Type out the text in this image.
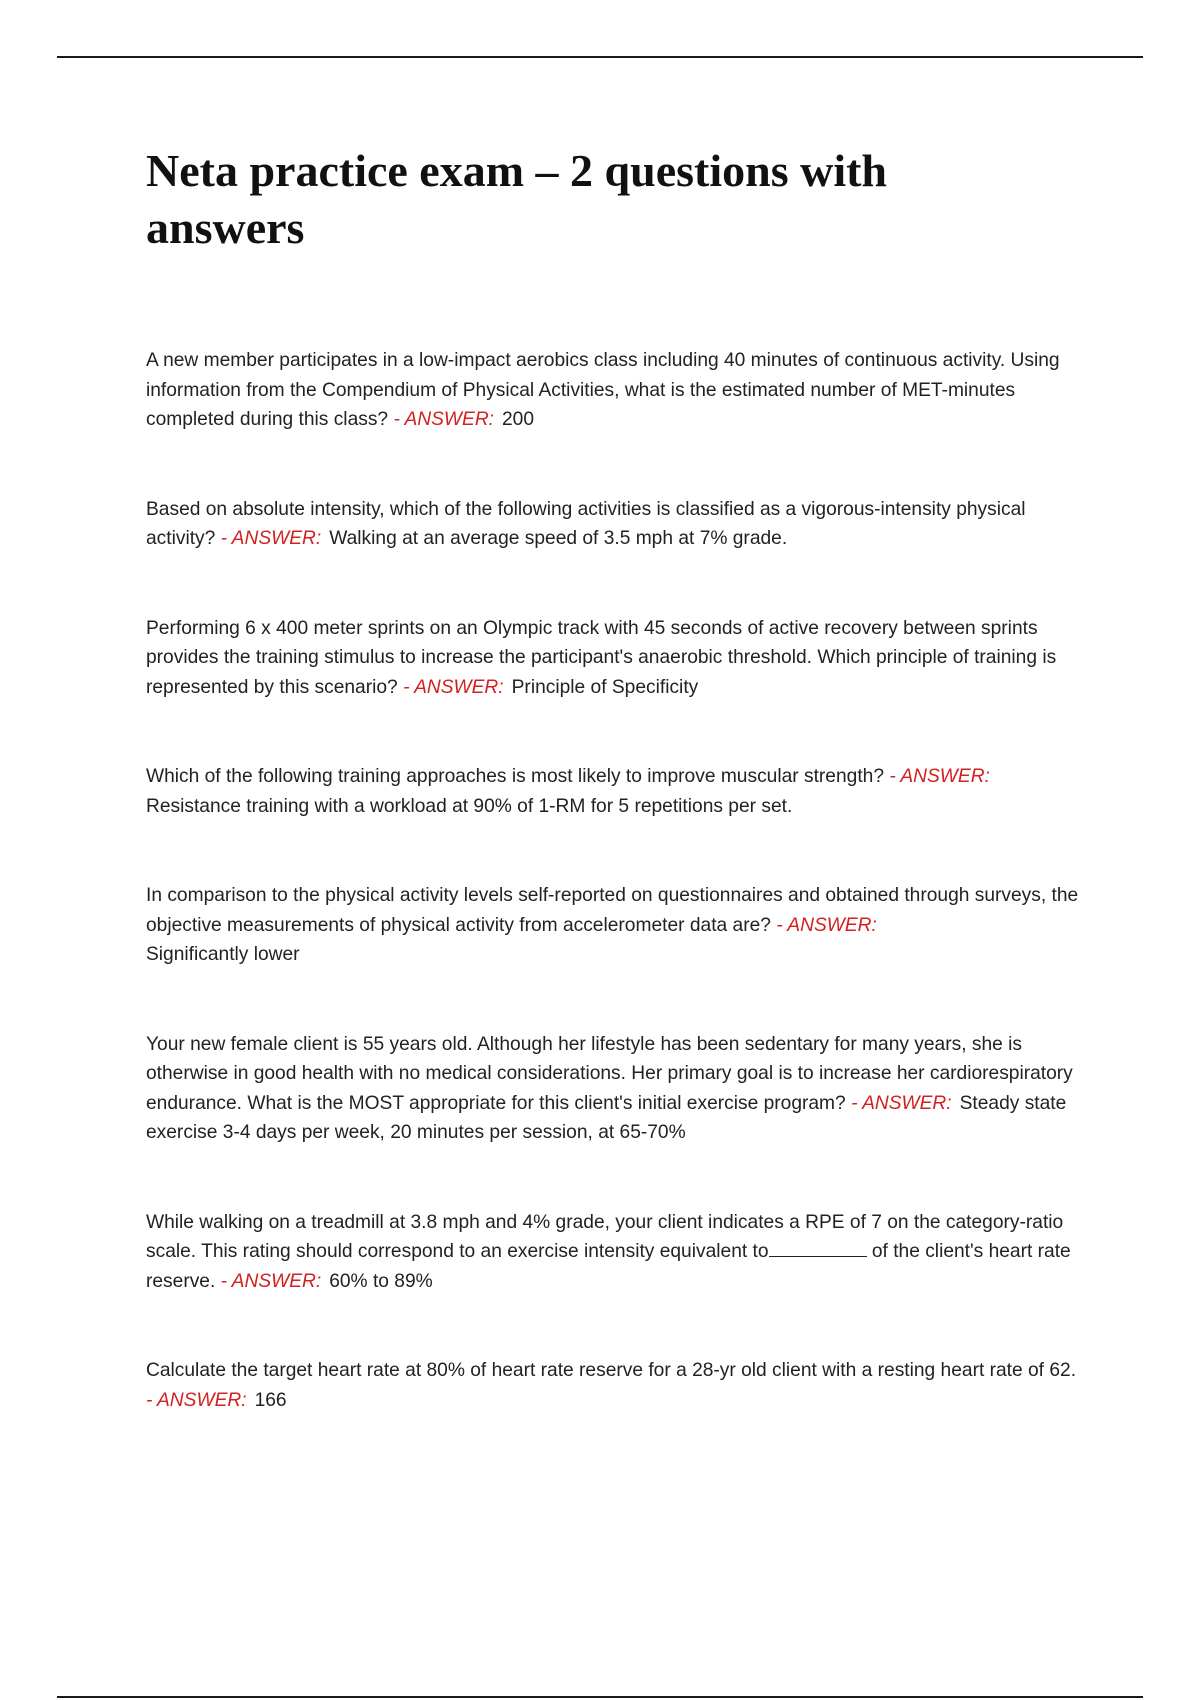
Neta practice exam – 2 questions with answers
A new member participates in a low-impact aerobics class including 40 minutes of continuous activity. Using information from the Compendium of Physical Activities, what is the estimated number of MET-minutes completed during this class? - ANSWER: 200
Based on absolute intensity, which of the following activities is classified as a vigorous-intensity physical activity? - ANSWER: Walking at an average speed of 3.5 mph at 7% grade.
Performing 6 x 400 meter sprints on an Olympic track with 45 seconds of active recovery between sprints provides the training stimulus to increase the participant's anaerobic threshold. Which principle of training is represented by this scenario? - ANSWER: Principle of Specificity
Which of the following training approaches is most likely to improve muscular strength? - ANSWER:
Resistance training with a workload at 90% of 1-RM for 5 repetitions per set.
In comparison to the physical activity levels self-reported on questionnaires and obtained through surveys, the objective measurements of physical activity from accelerometer data are? - ANSWER:
Significantly lower
Your new female client is 55 years old. Although her lifestyle has been sedentary for many years, she is otherwise in good health with no medical considerations. Her primary goal is to increase her cardiorespiratory endurance. What is the MOST appropriate for this client's initial exercise program? - ANSWER: Steady state exercise 3-4 days per week, 20 minutes per session, at 65-70%
While walking on a treadmill at 3.8 mph and 4% grade, your client indicates a RPE of 7 on the category-ratio scale. This rating should correspond to an exercise intensity equivalent to	of the client's heart rate reserve. - ANSWER: 60% to 89%
Calculate the target heart rate at 80% of heart rate reserve for a 28-yr old client with a resting heart rate of 62. - ANSWER: 166
